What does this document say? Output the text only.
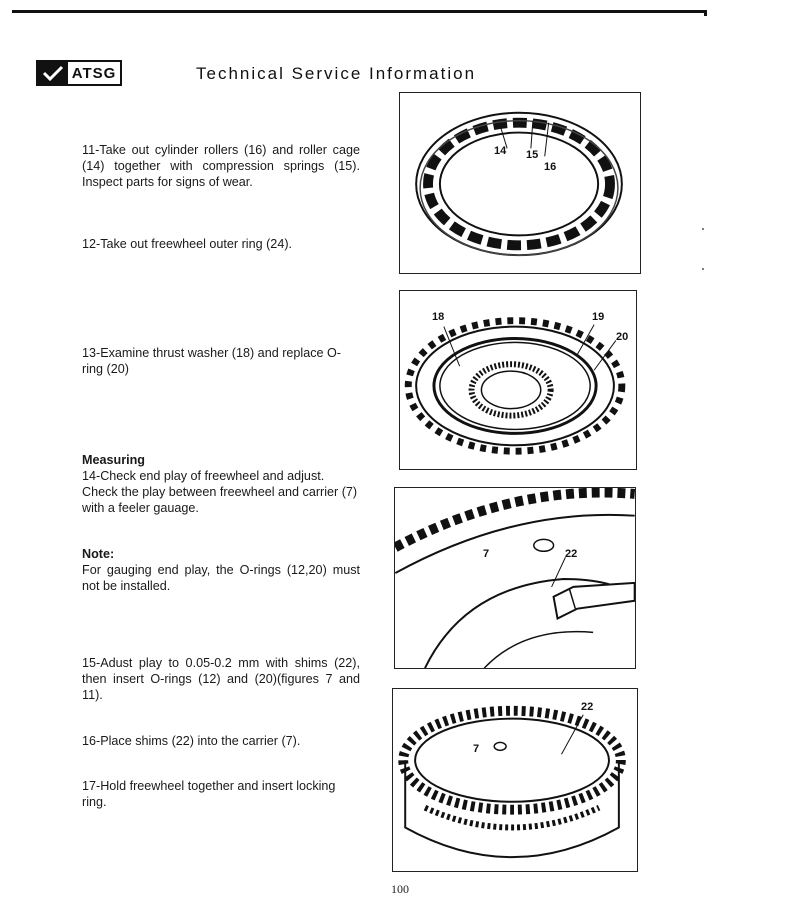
ATSG	Technical Service Information
11-Take out cylinder rollers (16) and roller cage (14) together with compression springs (15). Inspect parts for signs of wear.
12-Take out freewheel outer ring (24).
13-Examine thrust washer (18) and replace O-ring (20)
Measuring
14-Check end play of freewheel and adjust. Check the play between freewheel and carrier (7) with a feeler gauage.
Note:
For gauging end play, the O-rings (12,20) must not be installed.
15-Adust play to 0.05-0.2 mm with shims (22), then insert O-rings (12) and (20)(figures 7 and 11).
16-Place shims (22) into the carrier (7).
17-Hold freewheel together and insert locking ring.
14 15
16
18	19
20
7	22
22
7
100
